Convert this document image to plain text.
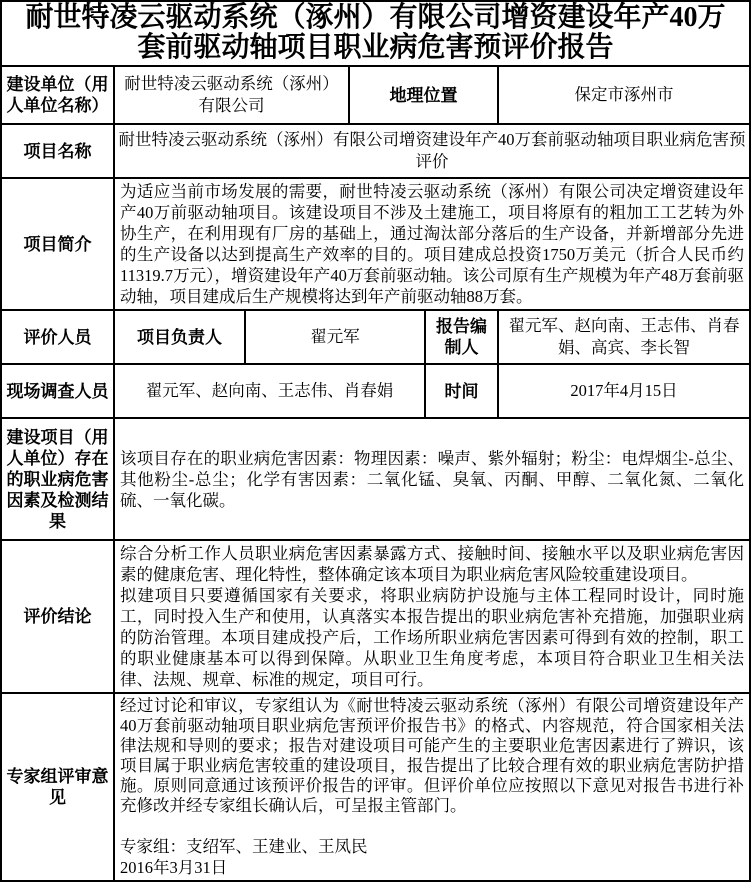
耐世特凌云驱动系统（涿州）有限公司增资建设年产40万
套前驱动轴项目职业病危害预评价报告					

建设单位（用人单位名称）	耐世特凌云驱动系统（涿州）有限公司		地理位置		保定市涿州市
项目名称	耐世特凌云驱动系统（涿州）有限公司增资建设年产40万套前驱动轴项目职业病危害预评价				
项目简介	为适应当前市场发展的需要，耐世特凌云驱动系统（涿州）有限公司决定增资建设年产40万前驱动轴项目。该建设项目不涉及土建施工，项目将原有的粗加工工艺转为外协生产，在利用现有厂房的基础上，通过淘汰部分落后的生产设备，并新增部分先进的生产设备以达到提高生产效率的目的。项目建成总投资1750万美元（折合人民币约11319.7万元），增资建设年产40万套前驱动轴。该公司原有生产规模为年产48万套前驱动轴，项目建成后生产规模将达到年产前驱动轴88万套。				
评价人员	项目负责人	翟元军		报告编制人	翟元军、赵向南、王志伟、肖春娟、高宾、李长智
现场调查人员	翟元军、赵向南、王志伟、肖春娟			时间	2017年4月15日
建设项目（用人单位）存在的职业病危害因素及检测结果	该项目存在的职业病危害因素：物理因素：噪声、紫外辐射；粉尘：电焊烟尘-总尘、其他粉尘-总尘；化学有害因素：二氧化锰、臭氧、丙酮、甲醇、二氧化氮、二氧化硫、一氧化碳。				
评价结论	综合分析工作人员职业病危害因素暴露方式、接触时间、接触水平以及职业病危害因素的健康危害、理化特性，整体确定该本项目为职业病危害风险较重建设项目。
拟建项目只要遵循国家有关要求，将职业病防护设施与主体工程同时设计，同时施工，同时投入生产和使用，认真落实本报告提出的职业病危害补充措施，加强职业病的防治管理。本项目建成投产后，工作场所职业病危害因素可得到有效的控制，职工的职业健康基本可以得到保障。从职业卫生角度考虑，本项目符合职业卫生相关法律、法规、规章、标准的规定，项目可行。				

专家组评审意见	经过讨论和审议，专家组认为《耐世特凌云驱动系统（涿州）有限公司增资建设年产40万套前驱动轴项目职业病危害预评价报告书》的格式、内容规范，符合国家相关法律法规和导则的要求；报告对建设项目可能产生的主要职业危害因素进行了辨识，该项目属于职业病危害较重的建设项目，报告提出了比较合理有效的职业病危害防护措施。原则同意通过该预评价报告的评审。但评价单位应按照以下意见对报告书进行补充修改并经专家组长确认后，可呈报主管部门。
专家组：支绍军、王建业、王凤民
2016年3月31日				
